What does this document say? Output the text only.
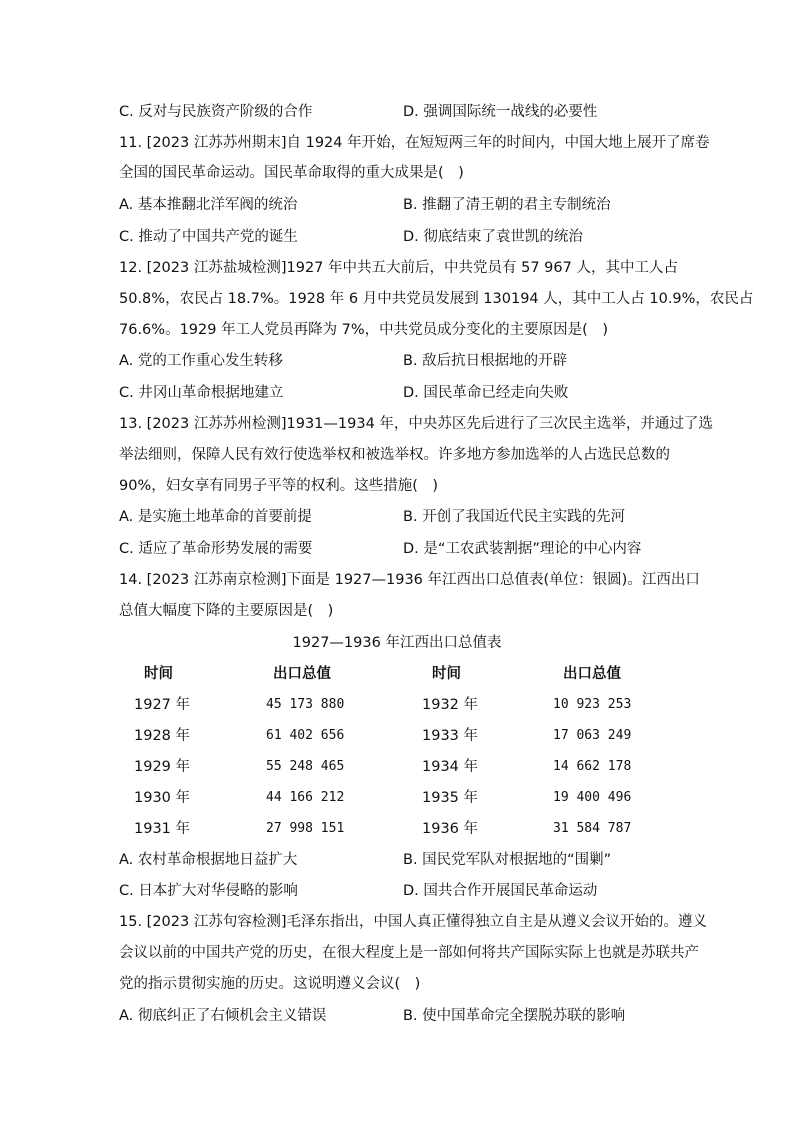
C. 反对与民族资产阶级的合作	D. 强调国际统一战线的必要性
11. [2023 江苏苏州期末]自 1924 年开始，在短短两三年的时间内，中国大地上展开了席卷
全国的国民革命运动。国民革命取得的重大成果是(　)
A. 基本推翻北洋军阀的统治	B. 推翻了清王朝的君主专制统治
C. 推动了中国共产党的诞生	D. 彻底结束了袁世凯的统治
12. [2023 江苏盐城检测]1927 年中共五大前后，中共党员有 57 967 人，其中工人占
50.8%，农民占 18.7%。1928 年 6 月中共党员发展到 130194 人，其中工人占 10.9%，农民占
76.6%。1929 年工人党员再降为 7%，中共党员成分变化的主要原因是(　)
A. 党的工作重心发生转移	B. 敌后抗日根据地的开辟
C. 井冈山革命根据地建立	D. 国民革命已经走向失败
13. [2023 江苏苏州检测]1931—1934 年，中央苏区先后进行了三次民主选举，并通过了选
举法细则，保障人民有效行使选举权和被选举权。许多地方参加选举的人占选民总数的
90%，妇女享有同男子平等的权利。这些措施(　)
A. 是实施土地革命的首要前提	B. 开创了我国近代民主实践的先河
C. 适应了革命形势发展的需要	D. 是“工农武装割据”理论的中心内容
14. [2023 江苏南京检测]下面是 1927—1936 年江西出口总值表(单位：银圆)。江西出口
总值大幅度下降的主要原因是(　)
1927—1936 年江西出口总值表
时间	出口总值	时间	出口总值
1927 年	45 173 880	1932 年	10 923 253
1928 年	61 402 656	1933 年	17 063 249
1929 年	55 248 465	1934 年	14 662 178
1930 年	44 166 212	1935 年	19 400 496
1931 年	27 998 151	1936 年	31 584 787
A. 农村革命根据地日益扩大	B. 国民党军队对根据地的“围剿”
C. 日本扩大对华侵略的影响	D. 国共合作开展国民革命运动
15. [2023 江苏句容检测]毛泽东指出，中国人真正懂得独立自主是从遵义会议开始的。遵义
会议以前的中国共产党的历史，在很大程度上是一部如何将共产国际实际上也就是苏联共产
党的指示贯彻实施的历史。这说明遵义会议(　)
A. 彻底纠正了右倾机会主义错误	B. 使中国革命完全摆脱苏联的影响
